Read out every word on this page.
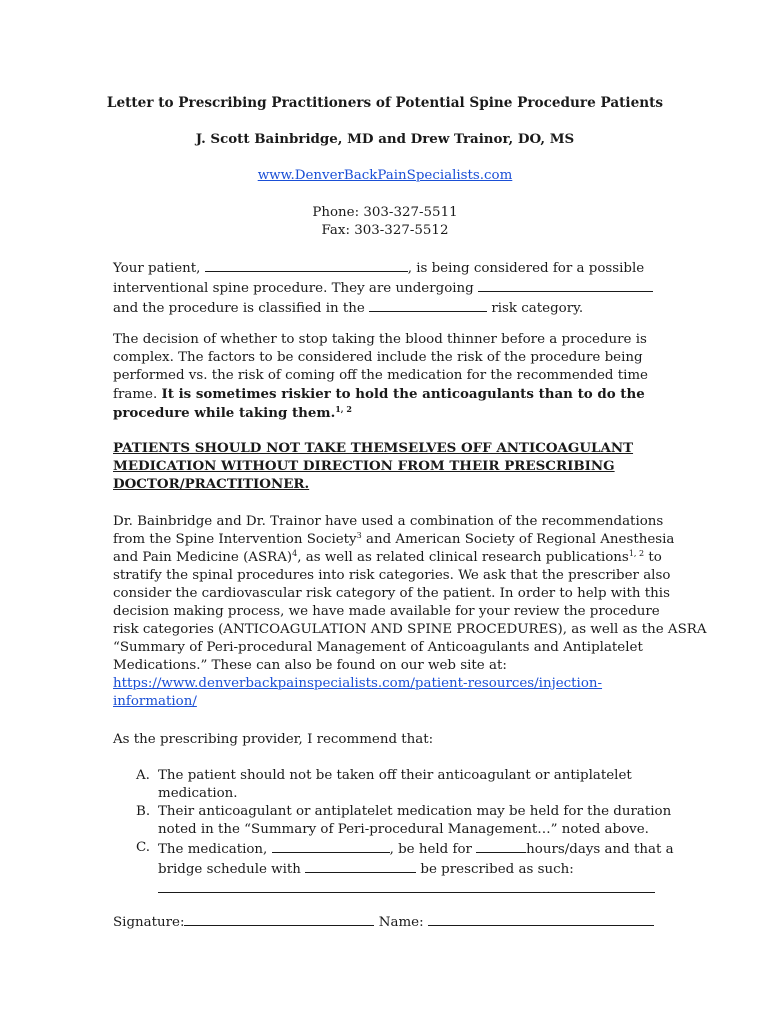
Letter to Prescribing Practitioners of Potential Spine Procedure Patients
J. Scott Bainbridge, MD and Drew Trainor, DO, MS
www.DenverBackPainSpecialists.com
Phone: 303-327-5511
Fax: 303-327-5512
Your patient,	, is being considered for a possible
interventional spine procedure. They are undergoing
and the procedure is classified in the	risk category.
The decision of whether to stop taking the blood thinner before a procedure is
complex. The factors to be considered include the risk of the procedure being
performed vs. the risk of coming off the medication for the recommended time
frame. It is sometimes riskier to hold the anticoagulants than to do the
procedure while taking them.$^{1, 2}$
PATIENTS SHOULD NOT TAKE THEMSELVES OFF ANTICOAGULANT
MEDICATION WITHOUT DIRECTION FROM THEIR PRESCRIBING
DOCTOR/PRACTITIONER.
Dr. Bainbridge and Dr. Trainor have used a combination of the recommendations
from the Spine Intervention Society$^3$ and American Society of Regional Anesthesia
and Pain Medicine (ASRA)$^4$, as well as related clinical research publications$^{1, 2}$ to
stratify the spinal procedures into risk categories. We ask that the prescriber also
consider the cardiovascular risk category of the patient. In order to help with this
decision making process, we have made available for your review the procedure
risk categories (ANTICOAGULATION AND SPINE PROCEDURES), as well as the ASRA
“Summary of Peri-procedural Management of Anticoagulants and Antiplatelet
Medications.” These can also be found on our web site at:
https://www.denverbackpainspecialists.com/patient-resources/injection-
information/
As the prescribing provider, I recommend that:
A. The patient should not be taken off their anticoagulant or antiplatelet
medication.
B. Their anticoagulant or antiplatelet medication may be held for the duration
noted in the “Summary of Peri-procedural Management…” noted above.
C. The medication,	, be held for	hours/days and that a
bridge schedule with	be prescribed as such:
Signature:	Name:
